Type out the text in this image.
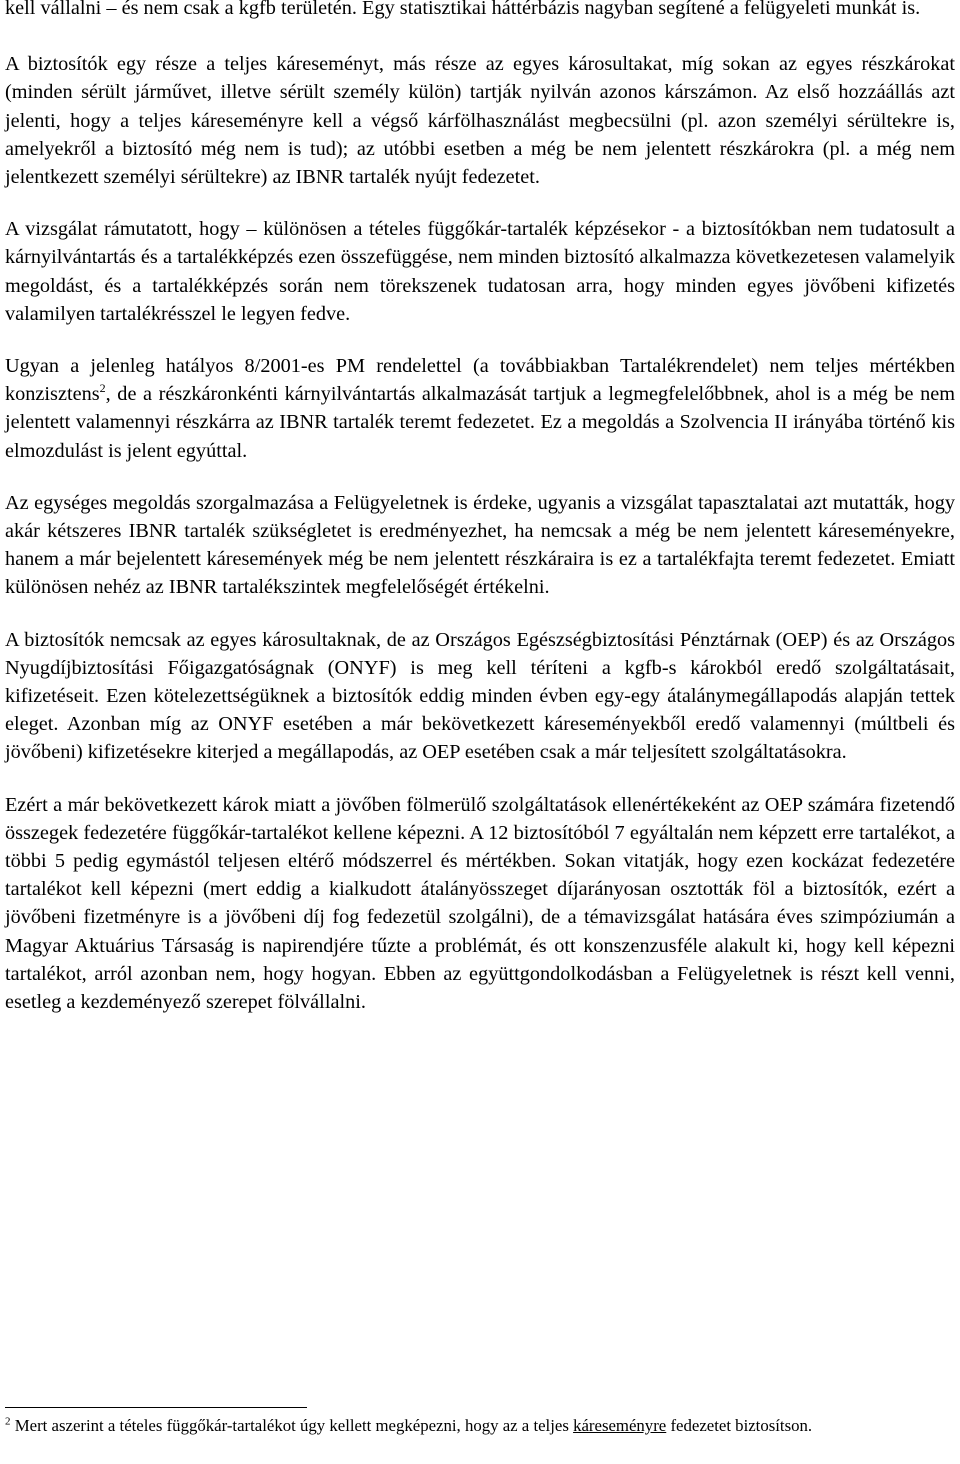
kell vállalni – és nem csak a kgfb területén. Egy statisztikai háttérbázis nagyban segítené a felügyeleti munkát is.

A biztosítók egy része a teljes káreseményt, más része az egyes károsultakat, míg sokan az egyes részkárokat (minden sérült járművet, illetve sérült személy külön) tartják nyilván azonos kárszámon. Az első hozzáállás azt jelenti, hogy a teljes káreseményre kell a végső kárfölhasználást megbecsülni (pl. azon személyi sérültekre is, amelyekről a biztosító még nem is tud); az utóbbi esetben a még be nem jelentett részkárokra (pl. a még nem jelentkezett személyi sérültekre) az IBNR tartalék nyújt fedezetet.

A vizsgálat rámutatott, hogy – különösen a tételes függőkár-tartalék képzésekor - a biztosítókban nem tudatosult a kárnyilvántartás és a tartalékképzés ezen összefüggése, nem minden biztosító alkalmazza következetesen valamelyik megoldást, és a tartalékképzés során nem törekszenek tudatosan arra, hogy minden egyes jövőbeni kifizetés valamilyen tartalékrésszel le legyen fedve.

Ugyan a jelenleg hatályos 8/2001-es PM rendelettel (a továbbiakban Tartalékrendelet) nem teljes mértékben konzisztens$^2$, de a részkáronkénti kárnyilvántartás alkalmazását tartjuk a legmegfelelőbbnek, ahol is a még be nem jelentett valamennyi részkárra az IBNR tartalék teremt fedezetet. Ez a megoldás a Szolvencia II irányába történő kis elmozdulást is jelent egyúttal.

Az egységes megoldás szorgalmazása a Felügyeletnek is érdeke, ugyanis a vizsgálat tapasztalatai azt mutatták, hogy akár kétszeres IBNR tartalék szükségletet is eredményezhet, ha nemcsak a még be nem jelentett káreseményekre, hanem a már bejelentett káresemények még be nem jelentett részkáraira is ez a tartalékfajta teremt fedezetet. Emiatt különösen nehéz az IBNR tartalékszintek megfelelőségét értékelni.

A biztosítók nemcsak az egyes károsultaknak, de az Országos Egészségbiztosítási Pénztárnak (OEP) és az Országos Nyugdíjbiztosítási Főigazgatóságnak (ONYF) is meg kell téríteni a kgfb-s károkból eredő szolgáltatásait, kifizetéseit. Ezen kötelezettségüknek a biztosítók eddig minden évben egy-egy átalánymegállapodás alapján tettek eleget. Azonban míg az ONYF esetében a már bekövetkezett káreseményekből eredő valamennyi (múltbeli és jövőbeni) kifizetésekre kiterjed a megállapodás, az OEP esetében csak a már teljesített szolgáltatásokra.

Ezért a már bekövetkezett károk miatt a jövőben fölmerülő szolgáltatások ellenértékeként az OEP számára fizetendő összegek fedezetére függőkár-tartalékot kellene képezni. A 12 biztosítóból 7 egyáltalán nem képzett erre tartalékot, a többi 5 pedig egymástól teljesen eltérő módszerrel és mértékben. Sokan vitatják, hogy ezen kockázat fedezetére tartalékot kell képezni (mert eddig a kialkudott átalányösszeget díjarányosan osztották föl a biztosítók, ezért a jövőbeni fizetményre is a jövőbeni díj fog fedezetül szolgálni), de a témavizsgálat hatására éves szimpóziumán a Magyar Aktuárius Társaság is napirendjére tűzte a problémát, és ott konszenzusféle alakult ki, hogy kell képezni tartalékot, arról azonban nem, hogy hogyan. Ebben az együttgondolkodásban a Felügyeletnek is részt kell venni, esetleg a kezdeményező szerepet fölvállalni.

$^2$ Mert aszerint a tételes függőkár-tartalékot úgy kellett megképezni, hogy az a teljes káreseményre fedezetet biztosítson.
